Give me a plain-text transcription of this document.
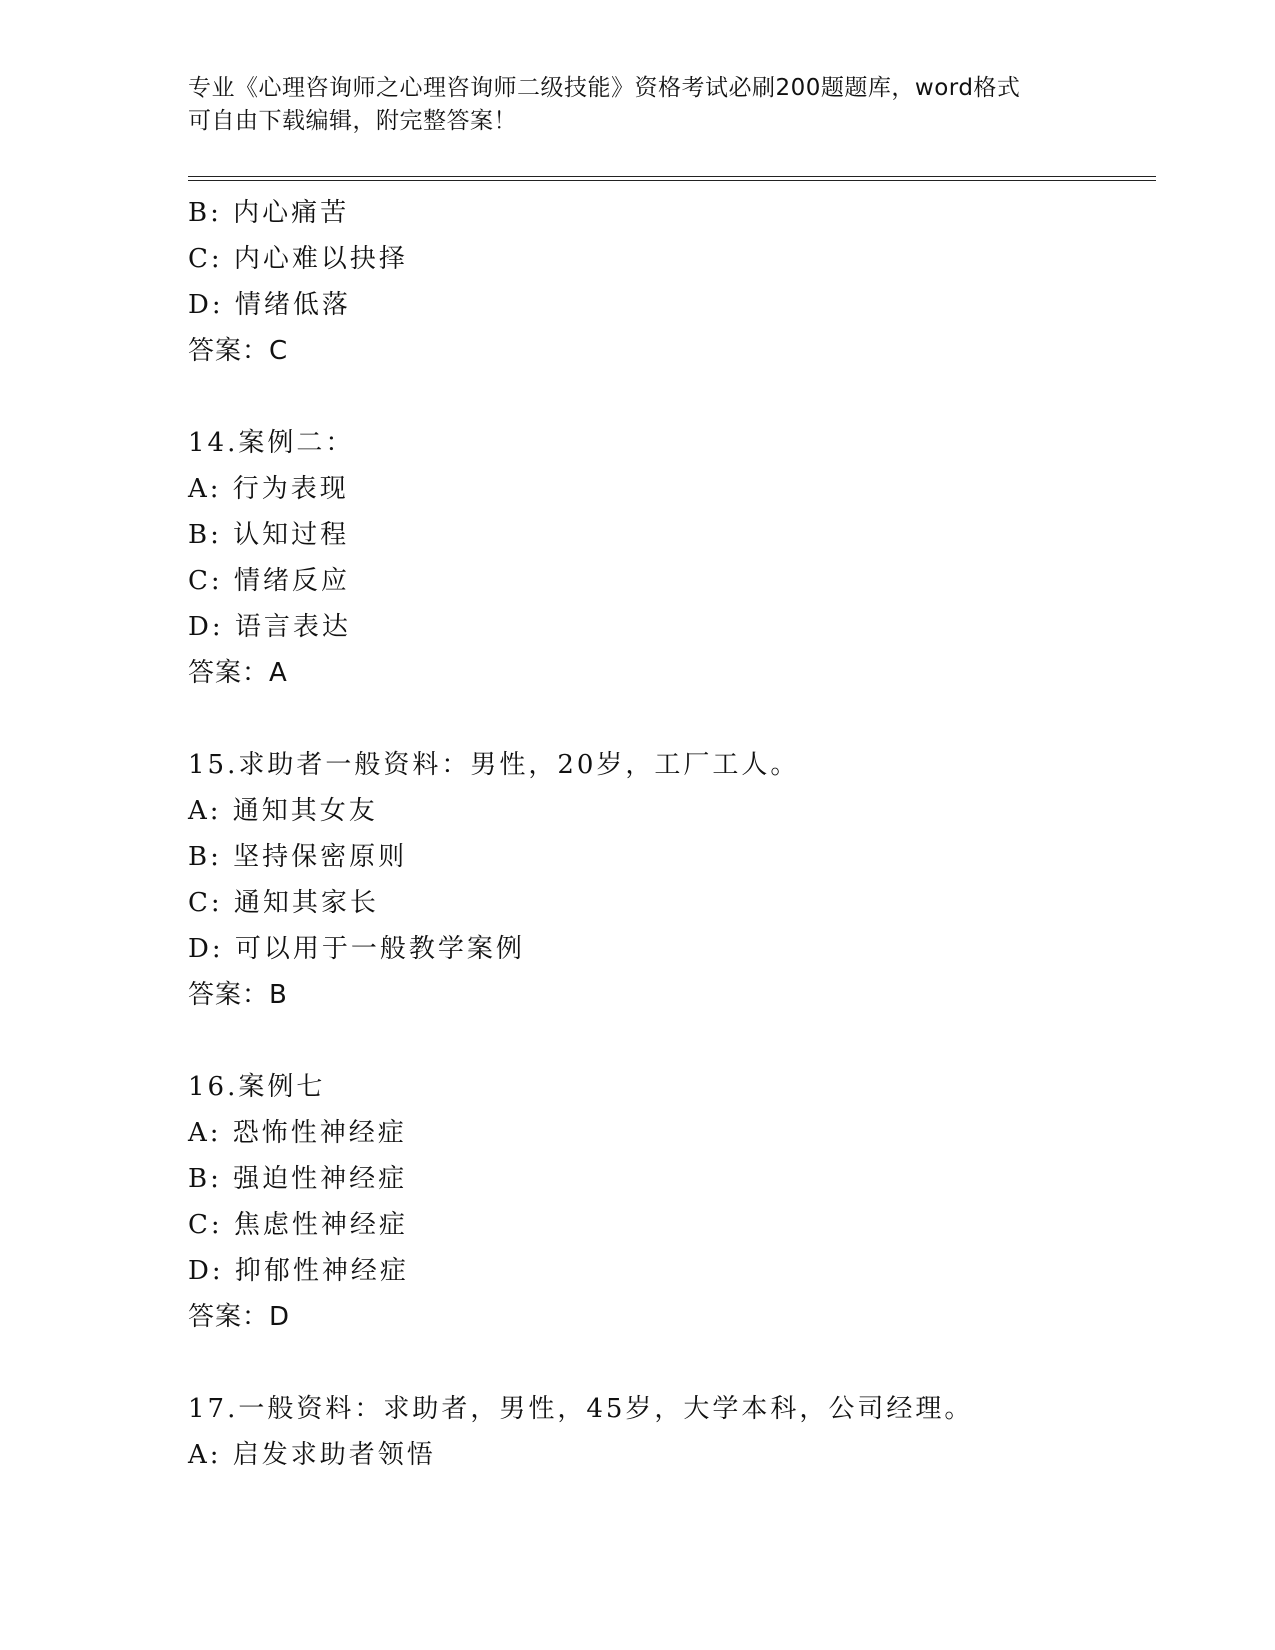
专业《心理咨询师之心理咨询师二级技能》资格考试必刷200题题库，word格式
可自由下载编辑，附完整答案！
B: 内心痛苦
C: 内心难以抉择
D: 情绪低落
答案：C
14.案例二：
A: 行为表现
B: 认知过程
C: 情绪反应
D: 语言表达
答案：A
15.求助者一般资料：男性，20岁，工厂工人。
A: 通知其女友
B: 坚持保密原则
C: 通知其家长
D: 可以用于一般教学案例
答案：B
16.案例七
A: 恐怖性神经症
B: 强迫性神经症
C: 焦虑性神经症
D: 抑郁性神经症
答案：D
17.一般资料：求助者，男性，45岁，大学本科，公司经理。
A: 启发求助者领悟
